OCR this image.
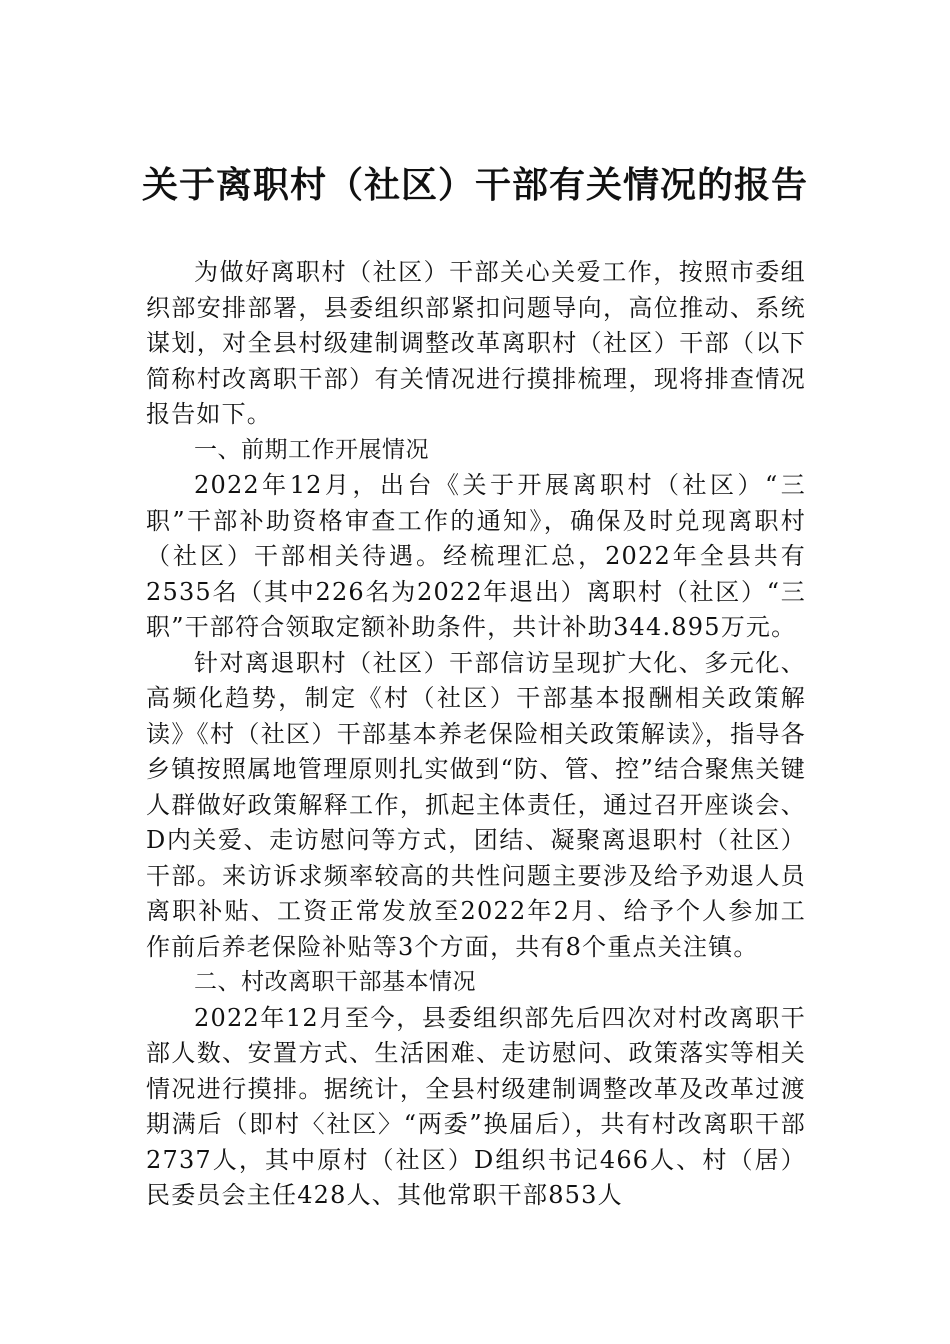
关于离职村（社区）干部有关情况的报告

为做好离职村（社区）干部关心关爱工作，按照市委组织部安排部署，县委组织部紧扣问题导向，高位推动、系统谋划，对全县村级建制调整改革离职村（社区）干部（以下简称村改离职干部）有关情况进行摸排梳理，现将排查情况报告如下。

一、前期工作开展情况

2022年12月，出台《关于开展离职村（社区）“三职”干部补助资格审查工作的通知》，确保及时兑现离职村（社区）干部相关待遇。经梳理汇总，2022年全县共有2535名（其中226名为2022年退出）离职村（社区）“三职”干部符合领取定额补助条件，共计补助344.895万元。

针对离退职村（社区）干部信访呈现扩大化、多元化、高频化趋势，制定《村（社区）干部基本报酬相关政策解读》《村（社区）干部基本养老保险相关政策解读》，指导各乡镇按照属地管理原则扎实做到“防、管、控”结合聚焦关键人群做好政策解释工作，抓起主体责任，通过召开座谈会、D内关爱、走访慰问等方式，团结、凝聚离退职村（社区）干部。来访诉求频率较高的共性问题主要涉及给予劝退人员离职补贴、工资正常发放至2022年2月、给予个人参加工作前后养老保险补贴等3个方面，共有8个重点关注镇。

二、村改离职干部基本情况

2022年12月至今，县委组织部先后四次对村改离职干部人数、安置方式、生活困难、走访慰问、政策落实等相关情况进行摸排。据统计，全县村级建制调整改革及改革过渡期满后（即村〈社区〉“两委”换届后），共有村改离职干部2737人，其中原村（社区）D组织书记466人、村（居）民委员会主任428人、其他常职干部853人
